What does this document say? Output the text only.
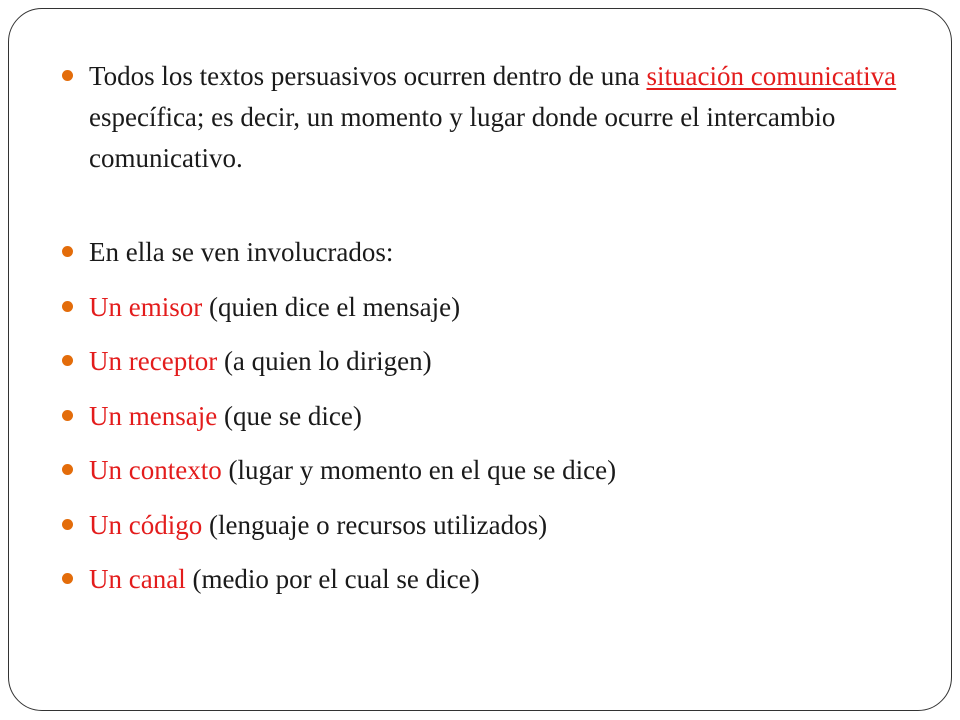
Todos los textos persuasivos ocurren dentro de una situación comunicativa específica; es decir, un momento y lugar donde ocurre el intercambio comunicativo.
En ella se ven involucrados:
Un emisor (quien dice el mensaje)
Un receptor (a quien lo dirigen)
Un mensaje (que se dice)
Un contexto (lugar y momento en el que se dice)
Un código (lenguaje o recursos utilizados)
Un canal (medio por el cual se dice)
